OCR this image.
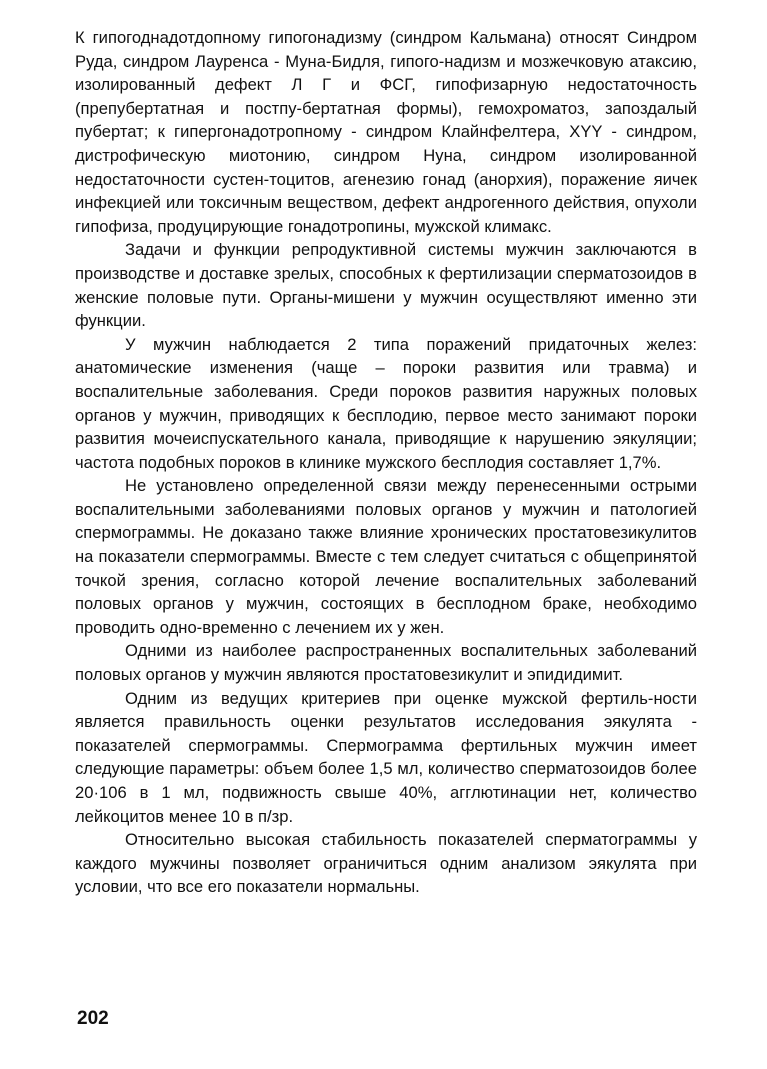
К гипогоднадотдопному гипогонадизму (синдром Кальмана) относят Синдром Руда, синдром Лауренса - Муна-Бидля, гипого-надизм и мозжечковую атаксию, изолированный дефект Л Г и ФСГ, гипофизарную недостаточность (препубертатная и постпу-бертатная формы), гемохроматоз, запоздалый пубертат; к гипергонадотропному - синдром Клайнфелтера, XYY - синдром, дистрофическую миотонию, синдром Нуна, синдром изолированной недостаточности сустен-тоцитов, агенезию гонад (анорхия), поражение яичек инфекцией или токсичным веществом, дефект андрогенного действия, опухоли гипофиза, продуцирующие гонадотропины, мужской климакс.

Задачи и функции репродуктивной системы мужчин заключаются в производстве и доставке зрелых, способных к фертилизации сперматозоидов в женские половые пути. Органы-мишени у мужчин осуществляют именно эти функции.

У мужчин наблюдается 2 типа поражений придаточных желез: анатомические изменения (чаще – пороки развития или травма) и воспалительные заболевания. Среди пороков развития наружных половых органов у мужчин, приводящих к бесплодию, первое место занимают пороки развития мочеиспускательного канала, приводящие к нарушению эякуляции; частота подобных пороков в клинике мужского бесплодия составляет 1,7%.

Не установлено определенной связи между перенесенными острыми воспалительными заболеваниями половых органов у мужчин и патологией спермограммы. Не доказано также влияние хронических простатовезикулитов на показатели спермограммы. Вместе с тем следует считаться с общепринятой точкой зрения, согласно которой лечение воспалительных заболеваний половых органов у мужчин, состоящих в бесплодном браке, необходимо проводить одно-временно с лечением их у жен.

Одними из наиболее распространенных воспалительных заболеваний половых органов у мужчин являются простатовезикулит и эпидидимит.

Одним из ведущих критериев при оценке мужской фертиль-ности является правильность оценки результатов исследования эякулята - показателей спермограммы. Спермограмма фертильных мужчин имеет следующие параметры: объем более 1,5 мл, количество сперматозоидов более 20·106 в 1 мл, подвижность свыше 40%, агглютинации нет, количество лейкоцитов менее 10 в п/зр.

Относительно высокая стабильность показателей сперматограммы у каждого мужчины позволяет ограничиться одним анализом эякулята при условии, что все его показатели нормальны.

202
